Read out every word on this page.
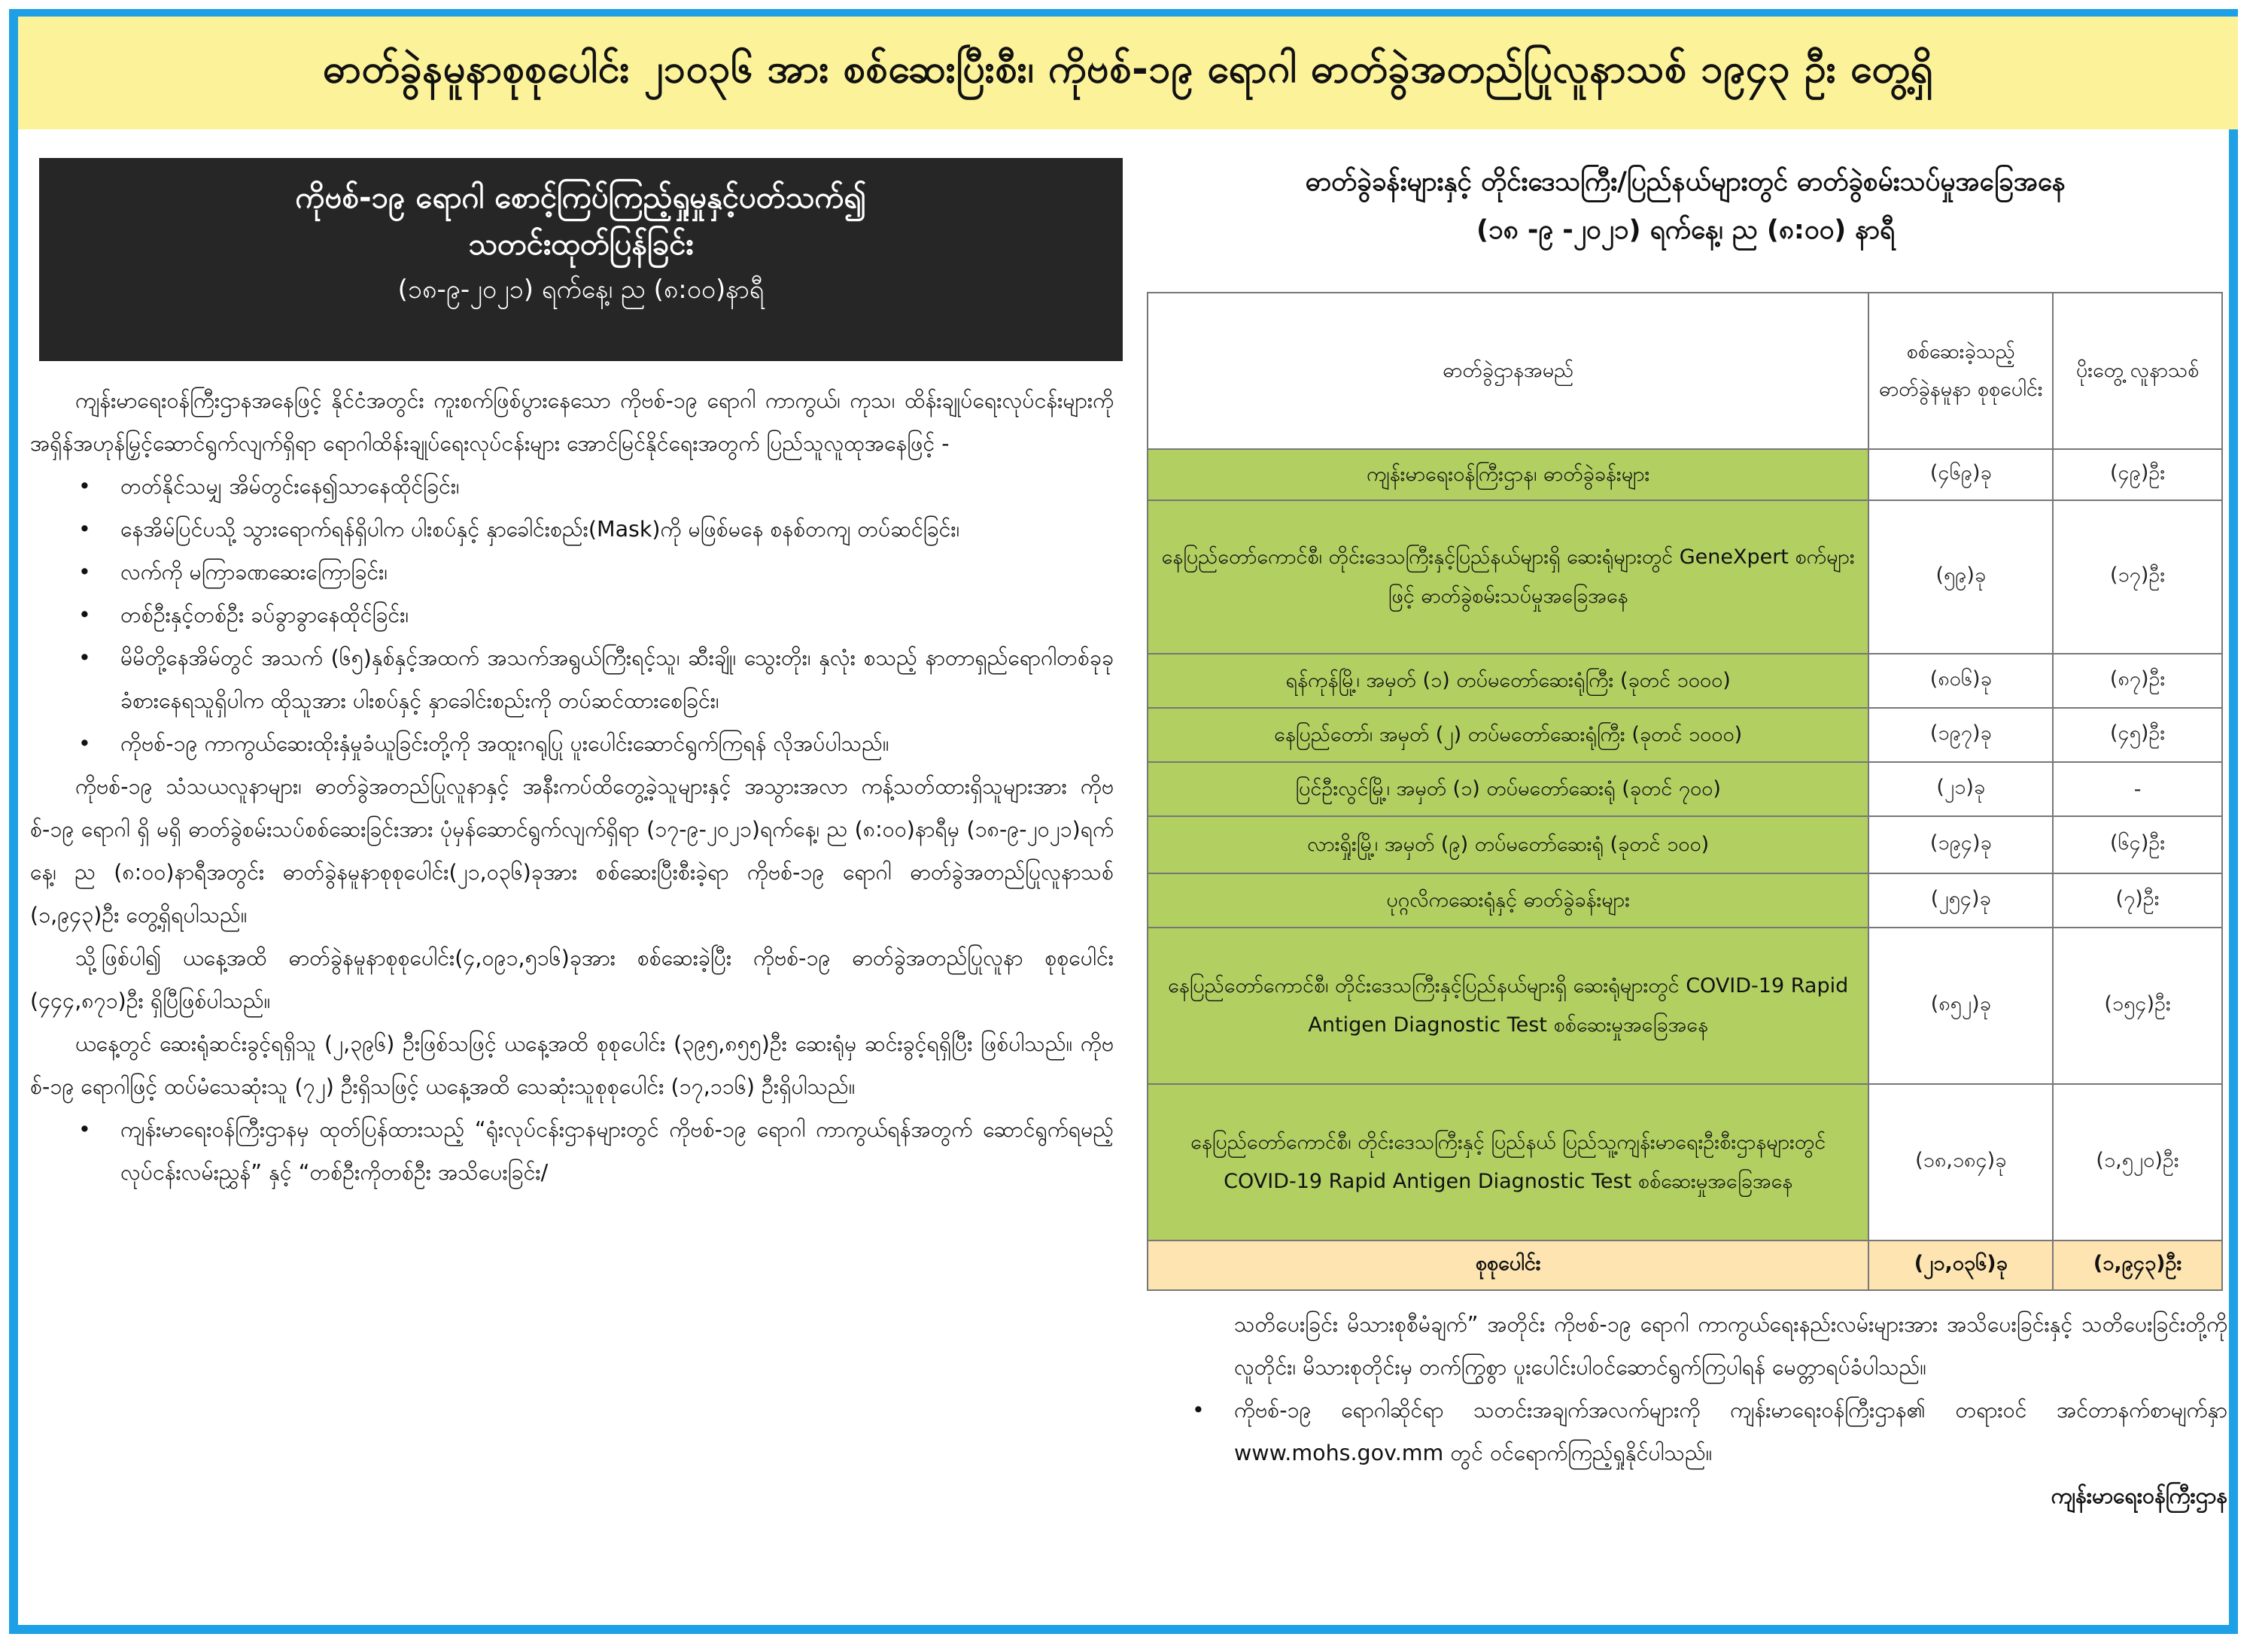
ဓာတ်ခွဲနမူနာစုစုပေါင်း ၂၁၀၃၆ အား စစ်ဆေးပြီးစီး၊ ကိုဗစ်-၁၉ ရောဂါ ဓာတ်ခွဲအတည်ပြုလူနာသစ် ၁၉၄၃ ဦး တွေ့ရှိ
ကိုဗစ်-၁၉ ရောဂါ စောင့်ကြပ်ကြည့်ရှုမှုနှင့်ပတ်သက်၍
သတင်းထုတ်ပြန်ခြင်း
(၁၈-၉-၂၀၂၁) ရက်နေ့၊ ည (၈:၀၀)နာရီ

ကျန်းမာရေးဝန်ကြီးဌာနအနေဖြင့် နိုင်ငံအတွင်း ကူးစက်ဖြစ်ပွားနေသော ကိုဗစ်-၁၉ ရောဂါ ကာကွယ်၊ ကုသ၊ ထိန်းချုပ်ရေးလုပ်ငန်းများကို အရှိန်အဟုန်မြှင့်ဆောင်ရွက်လျက်ရှိရာ ရောဂါထိန်းချုပ်ရေးလုပ်ငန်းများ အောင်မြင်နိုင်ရေးအတွက် ပြည်သူလူထုအနေဖြင့် -

• တတ်နိုင်သမျှ အိမ်တွင်းနေ၍သာနေထိုင်ခြင်း၊
• နေအိမ်ပြင်ပသို့ သွားရောက်ရန်ရှိပါက ပါးစပ်နှင့် နှာခေါင်းစည်း(Mask)ကို မဖြစ်မနေ စနစ်တကျ တပ်ဆင်ခြင်း၊
• လက်ကို မကြာခဏဆေးကြောခြင်း၊
• တစ်ဦးနှင့်တစ်ဦး ခပ်ခွာခွာနေထိုင်ခြင်း၊
• မိမိတို့နေအိမ်တွင် အသက် (၆၅)နှစ်နှင့်အထက် အသက်အရွယ်ကြီးရင့်သူ၊ ဆီးချို၊ သွေးတိုး၊ နှလုံး စသည့် နာတာရှည်ရောဂါတစ်ခုခုခံစားနေရသူရှိပါက ထိုသူအား ပါးစပ်နှင့် နှာခေါင်းစည်းကို တပ်ဆင်ထားစေခြင်း၊
• ကိုဗစ်-၁၉ ကာကွယ်ဆေးထိုးနှံမှုခံယူခြင်းတို့ကို အထူးဂရုပြု ပူးပေါင်းဆောင်ရွက်ကြရန် လိုအပ်ပါသည်။

ကိုဗစ်-၁၉ သံသယလူနာများ၊ ဓာတ်ခွဲအတည်ပြုလူနာနှင့် အနီးကပ်ထိတွေ့ခဲ့သူများနှင့် အသွားအလာ ကန့်သတ်ထားရှိသူများအား ကိုဗစ်-၁၉ ရောဂါ ရှိ မရှိ ဓာတ်ခွဲစမ်းသပ်စစ်ဆေးခြင်းအား ပုံမှန်ဆောင်ရွက်လျက်ရှိရာ (၁၇-၉-၂၀၂၁)ရက်နေ့၊ ည (၈:၀၀)နာရီမှ (၁၈-၉-၂၀၂၁)ရက်နေ့၊ ည (၈:၀၀)နာရီအတွင်း ဓာတ်ခွဲနမူနာစုစုပေါင်း(၂၁,၀၃၆)ခုအား စစ်ဆေးပြီးစီးခဲ့ရာ ကိုဗစ်-၁၉ ရောဂါ ဓာတ်ခွဲအတည်ပြုလူနာသစ် (၁,၉၄၃)ဦး တွေ့ရှိရပါသည်။

သို့ဖြစ်ပါ၍ ယနေ့အထိ ဓာတ်ခွဲနမူနာစုစုပေါင်း(၄,၀၉၁,၅၁၆)ခုအား စစ်ဆေးခဲ့ပြီး ကိုဗစ်-၁၉ ဓာတ်ခွဲအတည်ပြုလူနာ စုစုပေါင်း (၄၄၄,၈၇၁)ဦး ရှိပြီဖြစ်ပါသည်။

ယနေ့တွင် ဆေးရုံဆင်းခွင့်ရရှိသူ (၂,၃၉၆) ဦးဖြစ်သဖြင့် ယနေ့အထိ စုစုပေါင်း (၃၉၅,၈၅၅)ဦး ဆေးရုံမှ ဆင်းခွင့်ရရှိပြီး ဖြစ်ပါသည်။ ကိုဗစ်-၁၉ ရောဂါဖြင့် ထပ်မံသေဆုံးသူ (၇၂) ဦးရှိသဖြင့် ယနေ့အထိ သေဆုံးသူစုစုပေါင်း (၁၇,၁၁၆) ဦးရှိပါသည်။

• ကျန်းမာရေးဝန်ကြီးဌာနမှ ထုတ်ပြန်ထားသည့် “ရုံးလုပ်ငန်းဌာနများတွင် ကိုဗစ်-၁၉ ရောဂါ ကာကွယ်ရန်အတွက် ဆောင်ရွက်ရမည့် လုပ်ငန်းလမ်းညွှန်” နှင့် “တစ်ဦးကိုတစ်ဦး အသိပေးခြင်း/
ဓာတ်ခွဲခန်းများနှင့် တိုင်းဒေသကြီး/ပြည်နယ်များတွင် ဓာတ်ခွဲစမ်းသပ်မှုအခြေအနေ
(၁၈ -၉ -၂၀၂၁) ရက်နေ့၊ ည (၈:၀၀) နာရီ
ဓာတ်ခွဲဌာနအမည်	စစ်ဆေးခဲ့သည့် ဓာတ်ခွဲနမူနာ စုစုပေါင်း	ပိုးတွေ့ လူနာသစ်
ကျန်းမာရေးဝန်ကြီးဌာန၊ ဓာတ်ခွဲခန်းများ	(၄၆၉)ခု	(၄၉)ဦး
နေပြည်တော်ကောင်စီ၊ တိုင်းဒေသကြီးနှင့်ပြည်နယ်များရှိ ဆေးရုံများတွင် GeneXpert စက်များဖြင့် ဓာတ်ခွဲစမ်းသပ်မှုအခြေအနေ	(၅၉)ခု	(၁၇)ဦး
ရန်ကုန်မြို့၊ အမှတ် (၁) တပ်မတော်ဆေးရုံကြီး (ခုတင် ၁၀၀၀)	(၈၀၆)ခု	(၈၇)ဦး
နေပြည်တော်၊ အမှတ် (၂) တပ်မတော်ဆေးရုံကြီး (ခုတင် ၁၀၀၀)	(၁၉၇)ခု	(၄၅)ဦး
ပြင်ဦးလွင်မြို့၊ အမှတ် (၁) တပ်မတော်ဆေးရုံ (ခုတင် ၇၀၀)	(၂၁)ခု	-
လားရှိုးမြို့၊ အမှတ် (၉) တပ်မတော်ဆေးရုံ (ခုတင် ၁၀၀)	(၁၉၄)ခု	(၆၄)ဦး
ပုဂ္ဂလိကဆေးရုံနှင့် ဓာတ်ခွဲခန်းများ	(၂၅၄)ခု	(၇)ဦး
နေပြည်တော်ကောင်စီ၊ တိုင်းဒေသကြီးနှင့်ပြည်နယ်များရှိ ဆေးရုံများတွင် COVID-19 Rapid Antigen Diagnostic Test စစ်ဆေးမှုအခြေအနေ	(၈၅၂)ခု	(၁၅၄)ဦး
နေပြည်တော်ကောင်စီ၊ တိုင်းဒေသကြီးနှင့် ပြည်နယ် ပြည်သူ့ကျန်းမာရေးဦးစီးဌာနများတွင် COVID-19 Rapid Antigen Diagnostic Test စစ်ဆေးမှုအခြေအနေ	(၁၈,၁၈၄)ခု	(၁,၅၂၀)ဦး
စုစုပေါင်း	(၂၁,၀၃၆)ခု	(၁,၉၄၃)ဦး

သတိပေးခြင်း မိသားစုစီမံချက်” အတိုင်း ကိုဗစ်-၁၉ ရောဂါ ကာကွယ်ရေးနည်းလမ်းများအား အသိပေးခြင်းနှင့် သတိပေးခြင်းတို့ကို လူတိုင်း၊ မိသားစုတိုင်းမှ တက်ကြွစွာ ပူးပေါင်းပါဝင်ဆောင်ရွက်ကြပါရန် မေတ္တာရပ်ခံပါသည်။

• ကိုဗစ်-၁၉ ရောဂါဆိုင်ရာ သတင်းအချက်အလက်များကို ကျန်းမာရေးဝန်ကြီးဌာန၏ တရားဝင် အင်တာနက်စာမျက်နှာ www.mohs.gov.mm တွင် ဝင်ရောက်ကြည့်ရှုနိုင်ပါသည်။
ကျန်းမာရေးဝန်ကြီးဌာန
